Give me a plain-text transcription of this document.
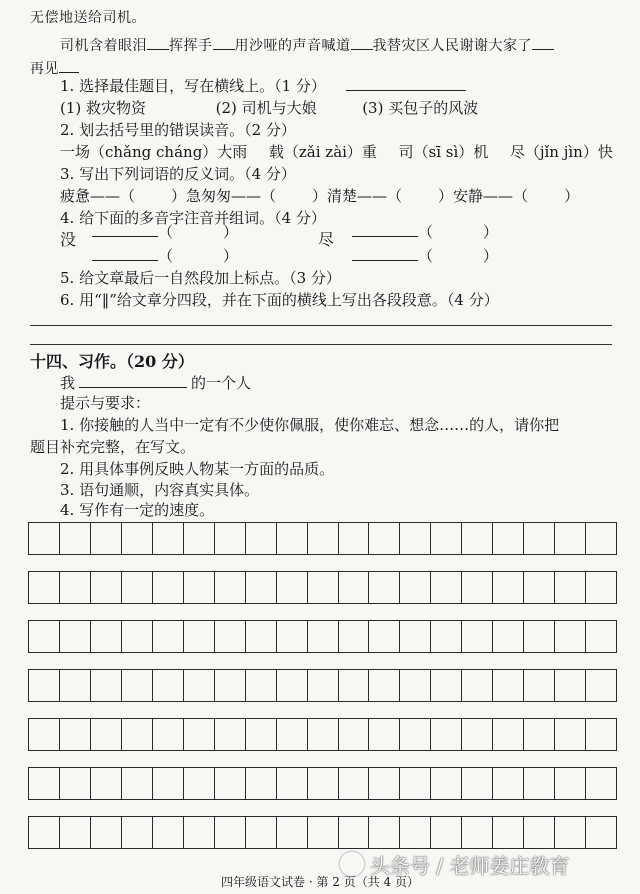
无偿地送给司机。
司机含着眼泪 挥挥手 用沙哑的声音喊道 我替灾区人民谢谢大家了
再见
1. 选择最佳题目，写在横线上。（1 分）
(1) 救灾物资	(2) 司机与大娘	(3) 买包子的风波
2. 划去括号里的错误读音。（2 分）
一场（chǎng cháng）大雨 载（zǎi zài）重 司（sī sì）机 尽（jǐn jìn）快
3. 写出下列词语的反义词。（4 分）
疲惫——（ ）急匆匆——（ ）清楚——（ ）安静——（ ）
4. 给下面的多音字注音并组词。（4 分）
没	（	）
（	）
尽	（	）
（	）
5. 给文章最后一自然段加上标点。（3 分）
6. 用“‖”给文章分四段，并在下面的横线上写出各段段意。（4 分）
十四、习作。（20 分）
我	的一个人
提示与要求：
1. 你接触的人当中一定有不少使你佩服，使你难忘、想念……的人，请你把
题目补充完整，在写文。
2. 用具体事例反映人物某一方面的品质。
3. 语句通顺，内容真实具体。
4. 写作有一定的速度。
四年级语文试卷 · 第 2 页（共 4 页）
头条号 / 老师姜庄教育
